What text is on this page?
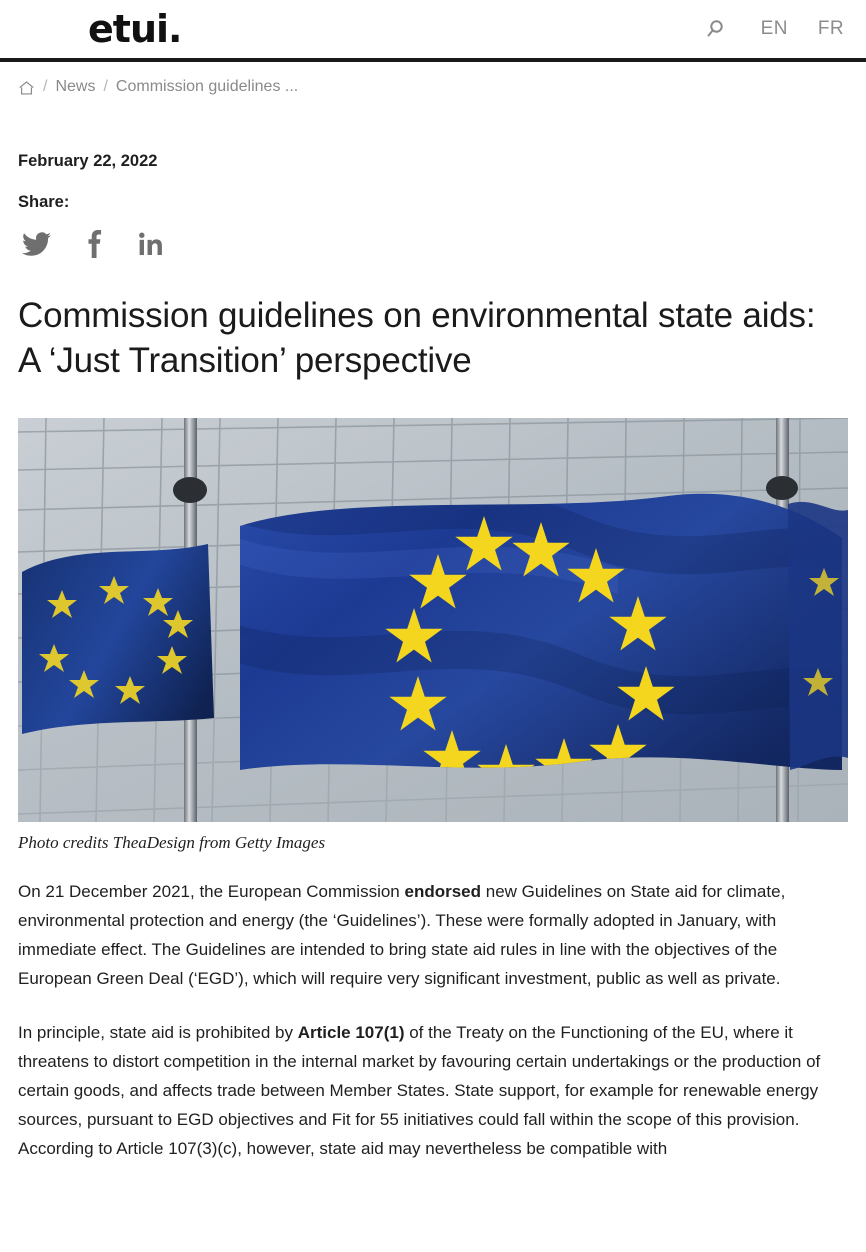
etui .	EN FR
/ News / Commission guidelines ...
February 22, 2022
Share:
Commission guidelines on environmental state aids: A ‘Just Transition’ perspective
Photo credits TheaDesign from Getty Images

On 21 December 2021, the European Commission endorsed new Guidelines on State aid for climate, environmental protection and energy (the ‘Guidelines’). These were formally adopted in January, with immediate effect. The Guidelines are intended to bring state aid rules in line with the objectives of the European Green Deal (‘EGD’), which will require very significant investment, public as well as private.

In principle, state aid is prohibited by Article 107(1) of the Treaty on the Functioning of the EU, where it threatens to distort competition in the internal market by favouring certain undertakings or the production of certain goods, and affects trade between Member States. State support, for example for renewable energy sources, pursuant to EGD objectives and Fit for 55 initiatives could fall within the scope of this provision. According to Article 107(3)(c), however, state aid may nevertheless be compatible with
